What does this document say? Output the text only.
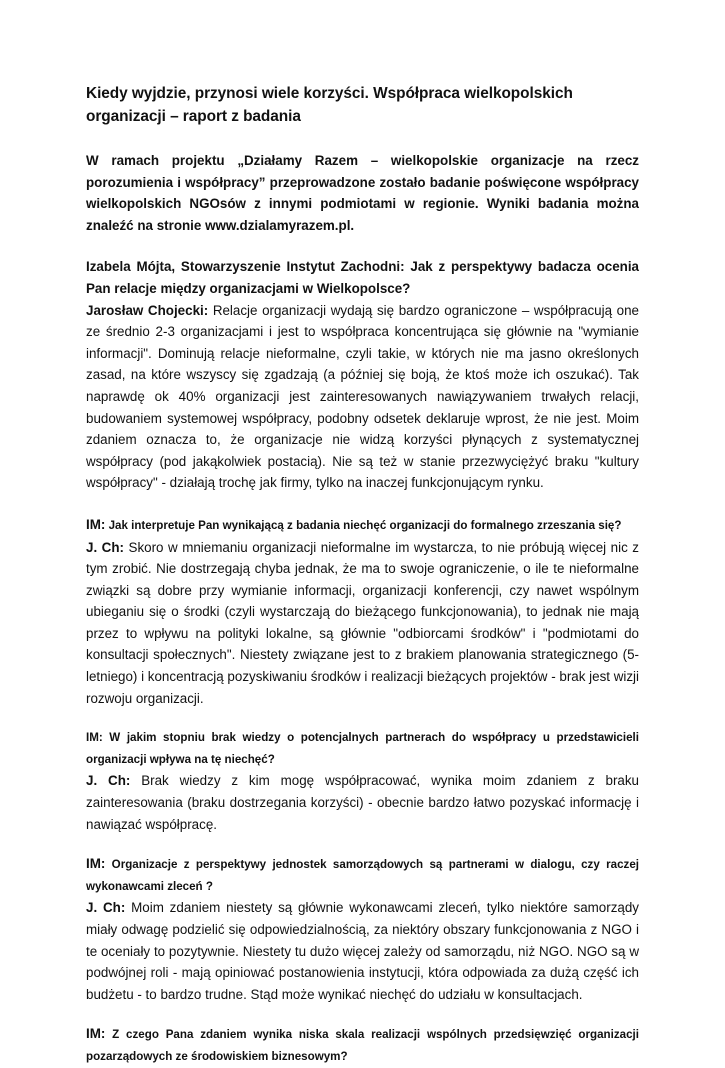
Kiedy wyjdzie, przynosi wiele korzyści. Współpraca wielkopolskich organizacji – raport z badania

W ramach projektu „Działamy Razem – wielkopolskie organizacje na rzecz porozumienia i współpracy” przeprowadzone zostało badanie poświęcone współpracy wielkopolskich NGOsów z innymi podmiotami w regionie. Wyniki badania można znaleźć na stronie www.dzialamyrazem.pl.

Izabela Mójta, Stowarzyszenie Instytut Zachodni: Jak z perspektywy badacza ocenia Pan relacje między organizacjami w Wielkopolsce?

Jarosław Chojecki: Relacje organizacji wydają się bardzo ograniczone – współpracują one ze średnio 2-3 organizacjami i jest to współpraca koncentrująca się głównie na "wymianie informacji". Dominują relacje nieformalne, czyli takie, w których nie ma jasno określonych zasad, na które wszyscy się zgadzają (a później się boją, że ktoś może ich oszukać). Tak naprawdę ok 40% organizacji jest zainteresowanych nawiązywaniem trwałych relacji, budowaniem systemowej współpracy, podobny odsetek deklaruje wprost, że nie jest. Moim zdaniem oznacza to, że organizacje nie widzą korzyści płynących z systematycznej współpracy (pod jakąkolwiek postacią). Nie są też w stanie przezwyciężyć braku "kultury współpracy" - działają trochę jak firmy, tylko na inaczej funkcjonującym rynku.

IM: Jak interpretuje Pan wynikającą z badania niechęć organizacji do formalnego zrzeszania się?

J. Ch: Skoro w mniemaniu organizacji nieformalne im wystarcza, to nie próbują więcej nic z tym zrobić. Nie dostrzegają chyba jednak, że ma to swoje ograniczenie, o ile te nieformalne związki są dobre przy wymianie informacji, organizacji konferencji, czy nawet wspólnym ubieganiu się o środki (czyli wystarczają do bieżącego funkcjonowania), to jednak nie mają przez to wpływu na polityki lokalne, są głównie "odbiorcami środków" i "podmiotami do konsultacji społecznych". Niestety związane jest to z brakiem planowania strategicznego (5-letniego) i koncentracją pozyskiwaniu środków i realizacji bieżących projektów - brak jest wizji rozwoju organizacji.

IM: W jakim stopniu brak wiedzy o potencjalnych partnerach do współpracy u przedstawicieli organizacji wpływa na tę niechęć?

J. Ch: Brak wiedzy z kim mogę współpracować, wynika moim zdaniem z braku zainteresowania (braku dostrzegania korzyści) - obecnie bardzo łatwo pozyskać informację i nawiązać współpracę.

IM: Organizacje z perspektywy jednostek samorządowych są partnerami w dialogu, czy raczej wykonawcami zleceń ?

J. Ch: Moim zdaniem niestety są głównie wykonawcami zleceń, tylko niektóre samorządy miały odwagę podzielić się odpowiedzialnością, za niektóry obszary funkcjonowania z NGO i te oceniały to pozytywnie. Niestety tu dużo więcej zależy od samorządu, niż NGO. NGO są w podwójnej roli - mają opiniować postanowienia instytucji, która odpowiada za dużą część ich budżetu - to bardzo trudne. Stąd może wynikać niechęć do udziału w konsultacjach.

IM: Z czego Pana zdaniem wynika niska skala realizacji wspólnych przedsięwzięć organizacji pozarządowych ze środowiskiem biznesowym?
